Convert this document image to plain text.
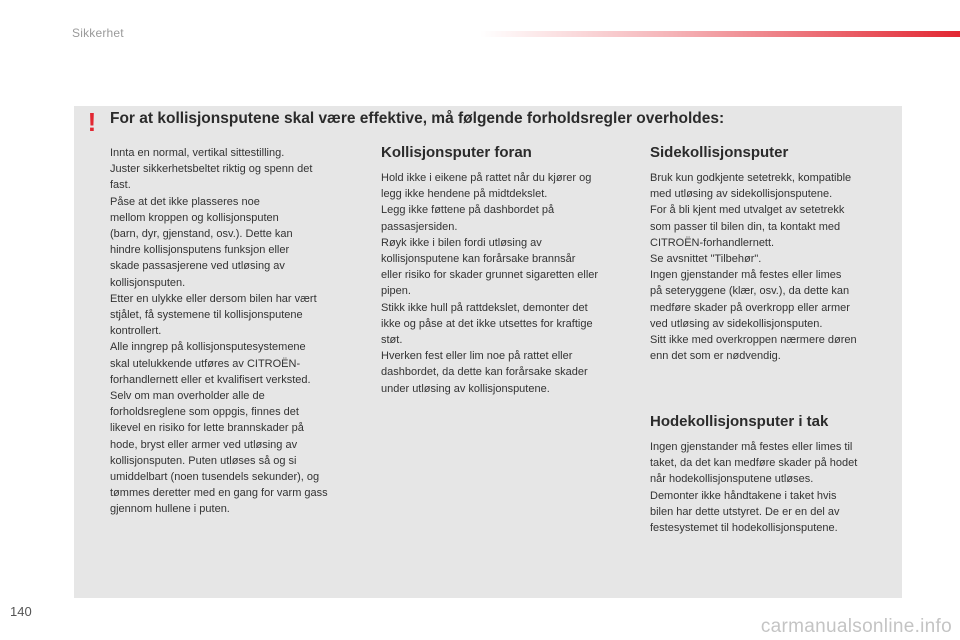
Sikkerhet
! For at kollisjonsputene skal være effektive, må følgende forholdsregler overholdes:

Innta en normal, vertikal sittestilling.

Juster sikkerhetsbeltet riktig og spenn det

fast.

Påse at det ikke plasseres noe

mellom kroppen og kollisjonsputen

(barn, dyr, gjenstand, osv.). Dette kan

hindre kollisjonsputens funksjon eller

skade passasjerene ved utløsing av

kollisjonsputen.

Etter en ulykke eller dersom bilen har vært

stjålet, få systemene til kollisjonsputene

kontrollert.

Alle inngrep på kollisjonsputesystemene

skal utelukkende utføres av CITROËN-

forhandlernett eller et kvalifisert verksted.

Selv om man overholder alle de

forholdsreglene som oppgis, finnes det

likevel en risiko for lette brannskader på

hode, bryst eller armer ved utløsing av

kollisjonsputen. Puten utløses så og si

umiddelbart (noen tusendels sekunder), og

tømmes deretter med en gang for varm gass

gjennom hullene i puten.

Kollisjonsputer foran

Hold ikke i eikene på rattet når du kjører og

legg ikke hendene på midtdekslet.

Legg ikke føttene på dashbordet på

passasjersiden.

Røyk ikke i bilen fordi utløsing av

kollisjonsputene kan forårsake brannsår

eller risiko for skader grunnet sigaretten eller

pipen.

Stikk ikke hull på rattdekslet, demonter det

ikke og påse at det ikke utsettes for kraftige

støt.

Hverken fest eller lim noe på rattet eller

dashbordet, da dette kan forårsake skader

under utløsing av kollisjonsputene.

Sidekollisjonsputer

Bruk kun godkjente setetrekk, kompatible

med utløsing av sidekollisjonsputene.

For å bli kjent med utvalget av setetrekk

som passer til bilen din, ta kontakt med

CITROËN-forhandlernett.

Se avsnittet "Tilbehør".

Ingen gjenstander må festes eller limes

på seteryggene (klær, osv.), da dette kan

medføre skader på overkropp eller armer

ved utløsing av sidekollisjonsputen.

Sitt ikke med overkroppen nærmere døren

enn det som er nødvendig.

Hodekollisjonsputer i tak

Ingen gjenstander må festes eller limes til

taket, da det kan medføre skader på hodet

når hodekollisjonsputene utløses.

Demonter ikke håndtakene i taket hvis

bilen har dette utstyret. De er en del av

festesystemet til hodekollisjonsputene.

140
carmanualsonline.info
